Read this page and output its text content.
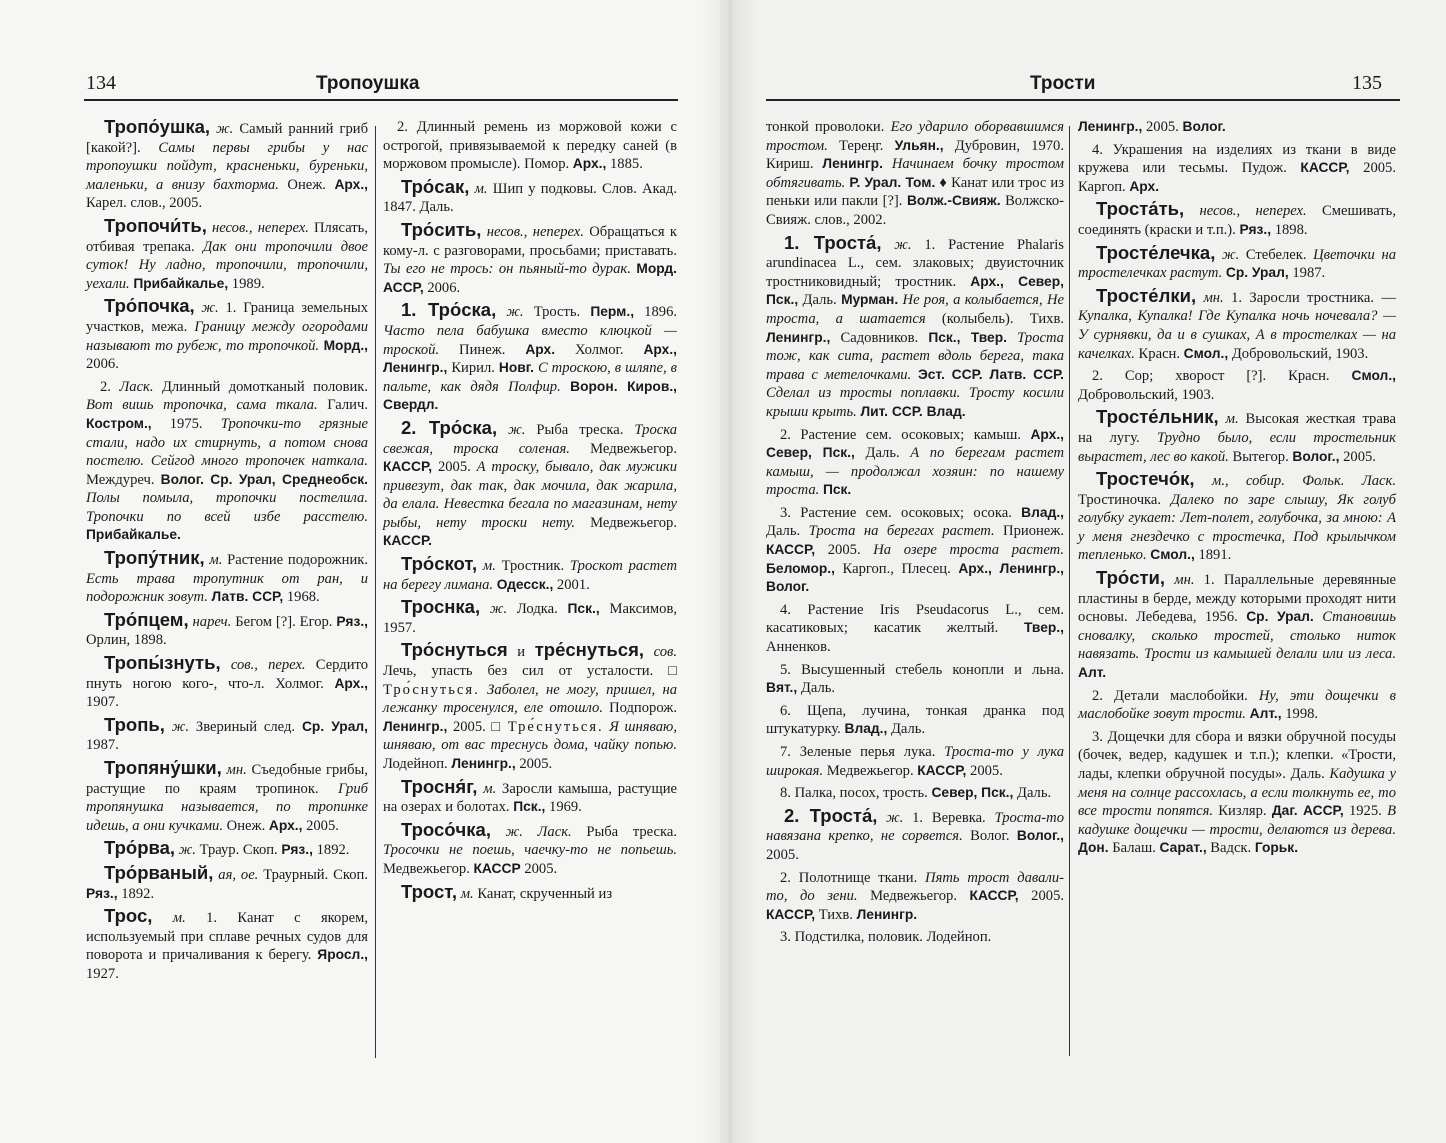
134	Тропоушка

Тропо́ушка, ж. Самый ранний гриб [какой?]. Самы первы грибы у нас тропоушки пойдут, красненьки, буреньки, маленьки, а внизу бахторма. Онеж. Арх., Карел. слов., 2005.

Тропочи́ть, несов., неперех. Плясать, отбивая трепака. Дак они тропочили двое суток! Ну ладно, тропочили, тропочили, уехали. Прибайкалье, 1989.

Тро́почка, ж. 1. Граница земельных участков, межа. Границу между огородами называют то рубеж, то тропочкой. Морд., 2006.

2. Ласк. Длинный домотканый половик. Вот вишь тропочка, сама ткала. Галич. Костром., 1975. Тропочки-то грязные стали, надо их стирнуть, а потом снова постелю. Сейгод много тропочек наткала. Междуреч. Волог. Ср. Урал, Среднеобск. Полы помыла, тропочки постелила. Тропочки по всей избе расстелю. Прибайкалье.

Тропу́тник, м. Растение подорожник. Есть трава тропутник от ран, и подорожник зовут. Латв. ССР, 1968.

Тро́пцем, нареч. Бегом [?]. Егор. Ряз., Орлин, 1898.

Тропы́знуть, сов., перех. Сердито пнуть ногою кого-, что-л. Холмог. Арх., 1907.

Тропь, ж. Звериный след. Ср. Урал, 1987.

Тропяну́шки, мн. Съедобные грибы, растущие по краям тропинок. Гриб тропянушка называется, по тропинке идешь, а они кучками. Онеж. Арх., 2005.

Тро́рва, ж. Траур. Скоп. Ряз., 1892.

Тро́рваный, ая, ое. Траурный. Скоп. Ряз., 1892.

Трос, м. 1. Канат с якорем, используемый при сплаве речных судов для поворота и причаливания к берегу. Яросл., 1927.

2. Длинный ремень из моржовой кожи с острогой, привязываемой к передку саней (в моржовом промысле). Помор. Арх., 1885.

Тро́сак, м. Шип у подковы. Слов. Акад. 1847. Даль.

Тро́сить, несов., неперех. Обращаться к кому-л. с разговорами, просьбами; приставать. Ты его не трось: он пьяный-то дурак. Морд. АССР, 2006.

1. Тро́ска, ж. Трость. Перм., 1896. Часто пела бабушка вместо клюцкой — троской. Пинеж. Арх. Холмог. Арх., Ленингр., Кирил. Новг. С троскою, в шляпе, в пальте, как дядя Полфир. Ворон. Киров., Свердл.

2. Тро́ска, ж. Рыба треска. Троска свежая, троска соленая. Медвежьегор. КАССР, 2005. А троску, бывало, дак мужики привезут, дак так, дак мочила, дак жарила, да елала. Невестка бегала по магазинам, нету рыбы, нету троски нету. Медвежьегор. КАССР.

Тро́скот, м. Тростник. Троскот растет на берегу лимана. Одесск., 2001.

Троснка, ж. Лодка. Пск., Максимов, 1957.

Тро́снуться и тре́снуться, сов. Лечь, упасть без сил от усталости. □ Тро́снуться. Заболел, не могу, пришел, на лежанку тросенулся, еле отошло. Подпорож. Ленингр., 2005. □ Тре́снуться. Я шняваю, шняваю, от вас треснусь дома, чайку попью. Лодейноп. Ленингр., 2005.

Тросня́г, м. Заросли камыша, растущие на озерах и болотах. Пск., 1969.

Тросо́чка, ж. Ласк. Рыба треска. Тросочки не поешь, чаечку-то не попьешь. Медвежьегор. КАССР 2005.

Трост, м. Канат, скрученный из

Трости	135

тонкой проволоки. Его ударило оборвавшимся тростом. Тереңг. Ульян., Дубровин, 1970. Кириш. Ленингр. Начинаем бочку тростом обтягивать. Р. Урал. Том. ♦ Канат или трос из пеньки или пакли [?]. Волж.-Свияж. Волжско-Свияж. слов., 2002.

1. Троста́, ж. 1. Растение Phalaris arundinacea L., сем. злаковых; двуисточник тростниковидный; тростник. Арх., Север, Пск., Даль. Мурман. Не роя, а колыбается, Не троста, а шатается (колыбель). Тихв. Ленингр., Садовников. Пск., Твер. Троста тож, как сита, растет вдоль берега, така трава с метелочками. Эст. ССР. Латв. ССР. Сделал из тросты поплавки. Тросту косили крыши крыть. Лит. ССР. Влад.

2. Растение сем. осоковых; камыш. Арх., Север, Пск., Даль. А по берегам растет камыш, — продолжал хозяин: по нашему троста. Пск.

3. Растение сем. осоковых; осока. Влад., Даль. Троста на берегах растет. Прионеж. КАССР, 2005. На озере троста растет. Беломор., Каргоп., Плесец. Арх., Ленингр., Волог.

4. Растение Iris Pseudacorus L., сем. касатиковых; касатик желтый. Твер., Анненков.

5. Высушенный стебель конопли и льна. Вят., Даль.

6. Щепа, лучина, тонкая дранка под штукатурку. Влад., Даль.

7. Зеленые перья лука. Троста-то у лука широкая. Медвежьегор. КАССР, 2005.

8. Палка, посох, трость. Север, Пск., Даль.

2. Троста́, ж. 1. Веревка. Троста-то навязана крепко, не сорвется. Волог. Волог., 2005.

2. Полотнище ткани. Пять трост давали-то, до зени. Медвежьегор. КАССР, 2005. КАССР, Тихв. Ленингр.

3. Подстилка, половик. Лодейноп.

Ленингр., 2005. Волог.

4. Украшения на изделиях из ткани в виде кружева или тесьмы. Пудож. КАССР, 2005. Каргоп. Арх.

Троста́ть, несов., неперех. Смешивать, соединять (краски и т.п.). Ряз., 1898.

Тросте́лечка, ж. Стебелек. Цветочки на тростелечках растут. Ср. Урал, 1987.

Тросте́лки, мн. 1. Заросли тростника. — Купалка, Купалка! Где Купалка ночь ночевала? — У сурнявки, да и в сушках, А в тростелках — на качелках. Красн. Смол., Добровольский, 1903.

2. Сор; хворост [?]. Красн. Смол., Добровольский, 1903.

Тросте́льник, м. Высокая жесткая трава на лугу. Трудно было, если тростельник вырастет, лес во какой. Вытегор. Волог., 2005.

Тростечо́к, м., собир. Фольк. Ласк. Тростиночка. Далеко по заре слышу, Як голуб голубку гукает: Лет-полет, голубочка, за мною: А у меня гнездечко с тростечка, Под крылычком тепленько. Смол., 1891.

Тро́сти, мн. 1. Параллельные деревянные пластины в берде, между которыми проходят нити основы. Лебедева, 1956. Ср. Урал. Становишь сновалку, сколько тростей, столько ниток навязать. Трости из камышей делали или из леса. Алт.

2. Детали маслобойки. Ну, эти дощечки в маслобойке зовут трости. Алт., 1998.

3. Дощечки для сбора и вязки обручной посуды (бочек, ведер, кадушек и т.п.); клепки. «Трости, лады, клепки обручной посуды». Даль. Кадушка у меня на солнце рассохлась, а если толкнуть ее, то все трости попятся. Кизляр. Даг. АССР, 1925. В кадушке дощечки — трости, делаются из дерева. Дон. Балаш. Сарат., Вадск. Горьк.
